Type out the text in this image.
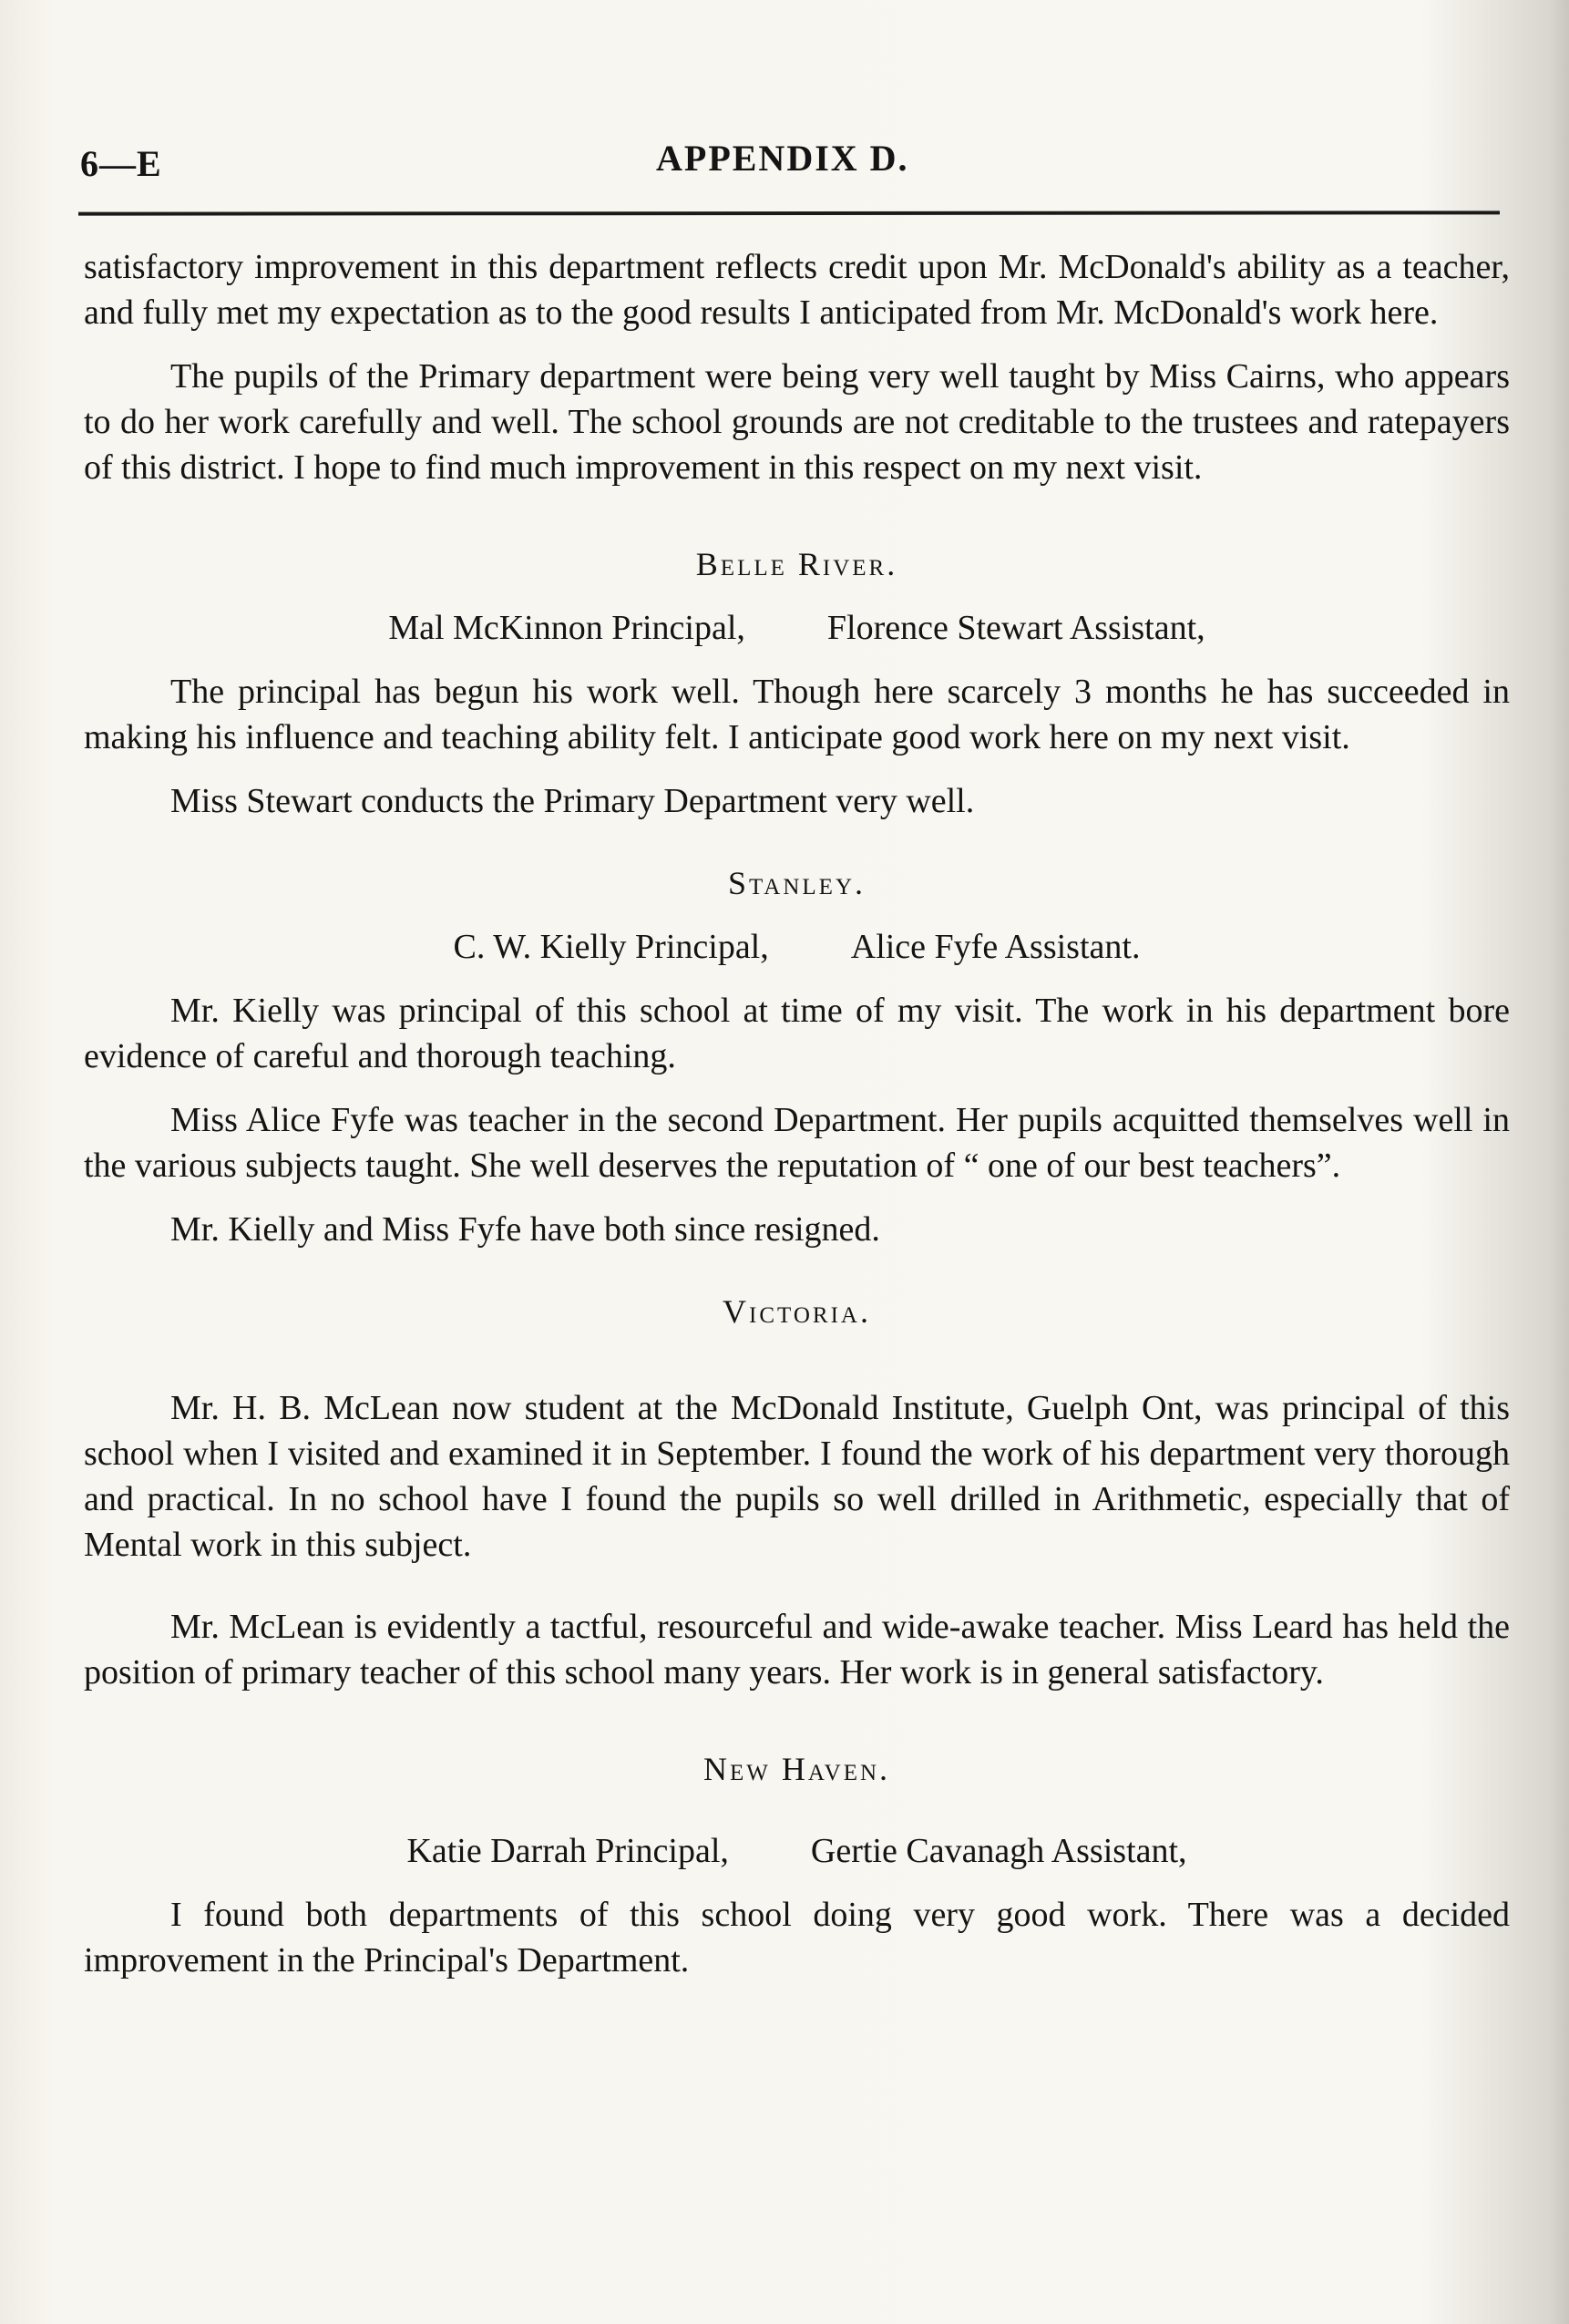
6—E	APPENDIX D.

satisfactory improvement in this department reflects credit upon Mr. McDonald's ability as a teacher, and fully met my expectation as to the good results I anticipated from Mr. McDonald's work here.

The pupils of the Primary department were being very well taught by Miss Cairns, who appears to do her work carefully and well. The school grounds are not creditable to the trustees and ratepayers of this district. I hope to find much improvement in this respect on my next visit.

Belle River.
Mal McKinnon Principal, Florence Stewart Assistant,

The principal has begun his work well. Though here scarcely 3 months he has succeeded in making his influence and teaching ability felt. I anticipate good work here on my next visit.

Miss Stewart conducts the Primary Department very well.

Stanley.
C. W. Kielly Principal, Alice Fyfe Assistant.

Mr. Kielly was principal of this school at time of my visit. The work in his department bore evidence of careful and thorough teaching.

Miss Alice Fyfe was teacher in the second Department. Her pupils acquitted themselves well in the various subjects taught. She well deserves the reputation of “ one of our best teachers”.

Mr. Kielly and Miss Fyfe have both since resigned.

Victoria.

Mr. H. B. McLean now student at the McDonald Institute, Guelph Ont, was principal of this school when I visited and examined it in September. I found the work of his department very thorough and practical. In no school have I found the pupils so well drilled in Arithmetic, especially that of Mental work in this subject.

Mr. McLean is evidently a tactful, resourceful and wide-awake teacher. Miss Leard has held the position of primary teacher of this school many years. Her work is in general satisfactory.

New Haven.
Katie Darrah Principal, Gertie Cavanagh Assistant,

I found both departments of this school doing very good work. There was a decided improvement in the Principal's Department.
